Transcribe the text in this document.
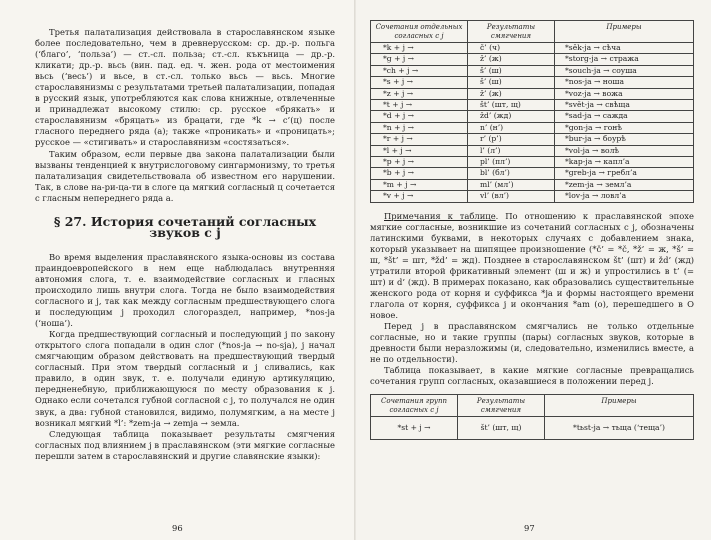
Третья палатализация действовала в старославянском языке более последовательно, чем в древнерусском: ср. др.-р. польга (‘благо’, ‘польза’) — ст.-сл. польза; ст.-сл. къкъница — др.-р. кликати; др.-р. вьсь (вин. пад. ед. ч. жен. рода от местоимения вьсь (‘весь’) и вьсе, в ст.-сл. только вьсь — вьсь. Многие старославянизмы с результатами третьей палатализации, попадая в русский язык, употребляются как слова книжные, отвлеченные и принадлежат высокому стилю: ср. русское «брякать» и старославянизм «бряцать» из брацати, где *k → c’(ц) после гласного переднего ряда (а); также «проникать» и «проницать»; русское — «стигивать» и старославянизм «состязаться».

Таким образом, если первые два закона палатализации были вызваны тенденцией к внутрислоговому сингармонизму, то третья палатализация свидетельствовала об известном его нарушении. Так, в слове на-ри-ца-ти в слоге ца мягкий согласный ц сочетается с гласным непереднего ряда а.

§ 27. История сочетаний согласных звуков с j

Во время выделения праславянского языка-основы из состава праиндоевропейского в нем еще наблюдалась внутренняя автономия слога, т. е. взаимодействие согласных и гласных происходило лишь внутри слога. Тогда не было взаимодействия согласного и j, так как между согласным предшествующего слога и последующим j проходил слогораздел, например, *nos-ja (‘ноша’).

Когда предшествующий согласный и последующий j по закону открытого слога попадали в один слог (*nos-ja → no-sja), j начал смягчающим образом действовать на предшествующий твердый согласный. При этом твердый согласный и j сливались, как правило, в один звук, т. е. получали единую артикуляцию, передненебную, приближающуюся по месту образования к j. Однако если сочетался губной согласной с j, то получался не один звук, а два: губной становился, видимо, полумягким, а на месте j возникал мягкий *l’: *zem-ja → zemja → земла.

Следующая таблица показывает результаты смягчения согласных под влиянием j в праславянском (эти мягкие согласные перешли затем в старославянский и другие славянские языки):

96
Сочетания отдельных согласных с j	Результаты смягчения	Примеры
*k + j →	č’ (ч)	*sěk-ja → сѣча
*g + j →	ž’ (ж)	*storg-ja → стража
*ch + j →	š’ (ш)	*souch-ja → соуша
*s + j →	š’ (ш)	*nos-ja → ноша
*z + j →	ž’ (ж)	*voz-ja → вожа
*t + j →	št’ (шт, щ)	*svět-ja → свѣща
*d + j →	žd’ (жд)	*sad-ja → сажда
*n + j →	n’ (н’)	*gon-ja → гонѣ
*r + j →	r’ (р’)	*bur-ja → боурѣ
*l + j →	l’ (л’)	*vol-ja → волѣ
*p + j →	pl’ (пл’)	*kap-ja → капл’а
*b + j →	bl’ (бл’)	*greb-ja → гребл’а
*m + j →	ml’ (мл’)	*zem-ja → земл’а
*v + j →	vl’ (вл’)	*lov-ja → ловл’а

Примечания к таблице. По отношению к праславянской эпохе мягкие согласные, возникшие из сочетаний согласных с j, обозначены латинскими буквами, в некоторых случаях с добавлением знака, который указывает на шипящее произношение (*č’ = *č, *ž’ = ж, *š’ = ш, *št’ = шт, *žd’ = жд). Позднее в старославянском št’ (шт) и žd’ (жд) утратили второй фрикативный элемент (ш и ж) и упростились в t’ (= шт) и d’ (жд). В примерах показано, как образовались существительные женского рода от корня и суффикса *ja и формы настоящего времени глагола от корня, суффикса j и окончания *am (o), перешедшего в O новое.

Перед j в праславянском смягчались не только отдельные согласные, но и такие группы (пары) согласных звуков, которые в древности были неразложимы (и, следовательно, изменились вместе, а не по отдельности).

Таблица показывает, в какие мягкие согласные превращались сочетания групп согласных, оказавшиеся в положении перед j.

Сочетания групп согласных с j	Результаты смягчения	Примеры
*st + j →	št’ (шт, щ)	*tьst-ja → тьща (‘теща’)
97
